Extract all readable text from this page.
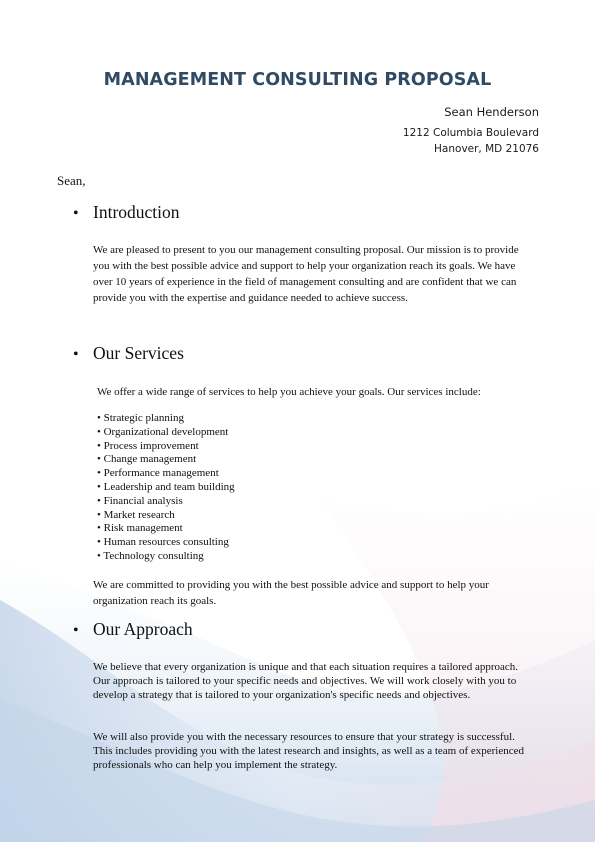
MANAGEMENT CONSULTING PROPOSAL
Sean Henderson
1212 Columbia Boulevard
Hanover, MD 21076
Sean,
• Introduction
We are pleased to present to you our management consulting proposal. Our mission is to provide you with the best possible advice and support to help your organization reach its goals. We have over 10 years of experience in the field of management consulting and are confident that we can provide you with the expertise and guidance needed to achieve success.
• Our Services
We offer a wide range of services to help you achieve your goals. Our services include:
• Strategic planning
• Organizational development
• Process improvement
• Change management
• Performance management
• Leadership and team building
• Financial analysis
• Market research
• Risk management
• Human resources consulting
• Technology consulting
We are committed to providing you with the best possible advice and support to help your organization reach its goals.
• Our Approach
We believe that every organization is unique and that each situation requires a tailored approach. Our approach is tailored to your specific needs and objectives. We will work closely with you to develop a strategy that is tailored to your organization's specific needs and objectives.
We will also provide you with the necessary resources to ensure that your strategy is successful. This includes providing you with the latest research and insights, as well as a team of experienced professionals who can help you implement the strategy.
